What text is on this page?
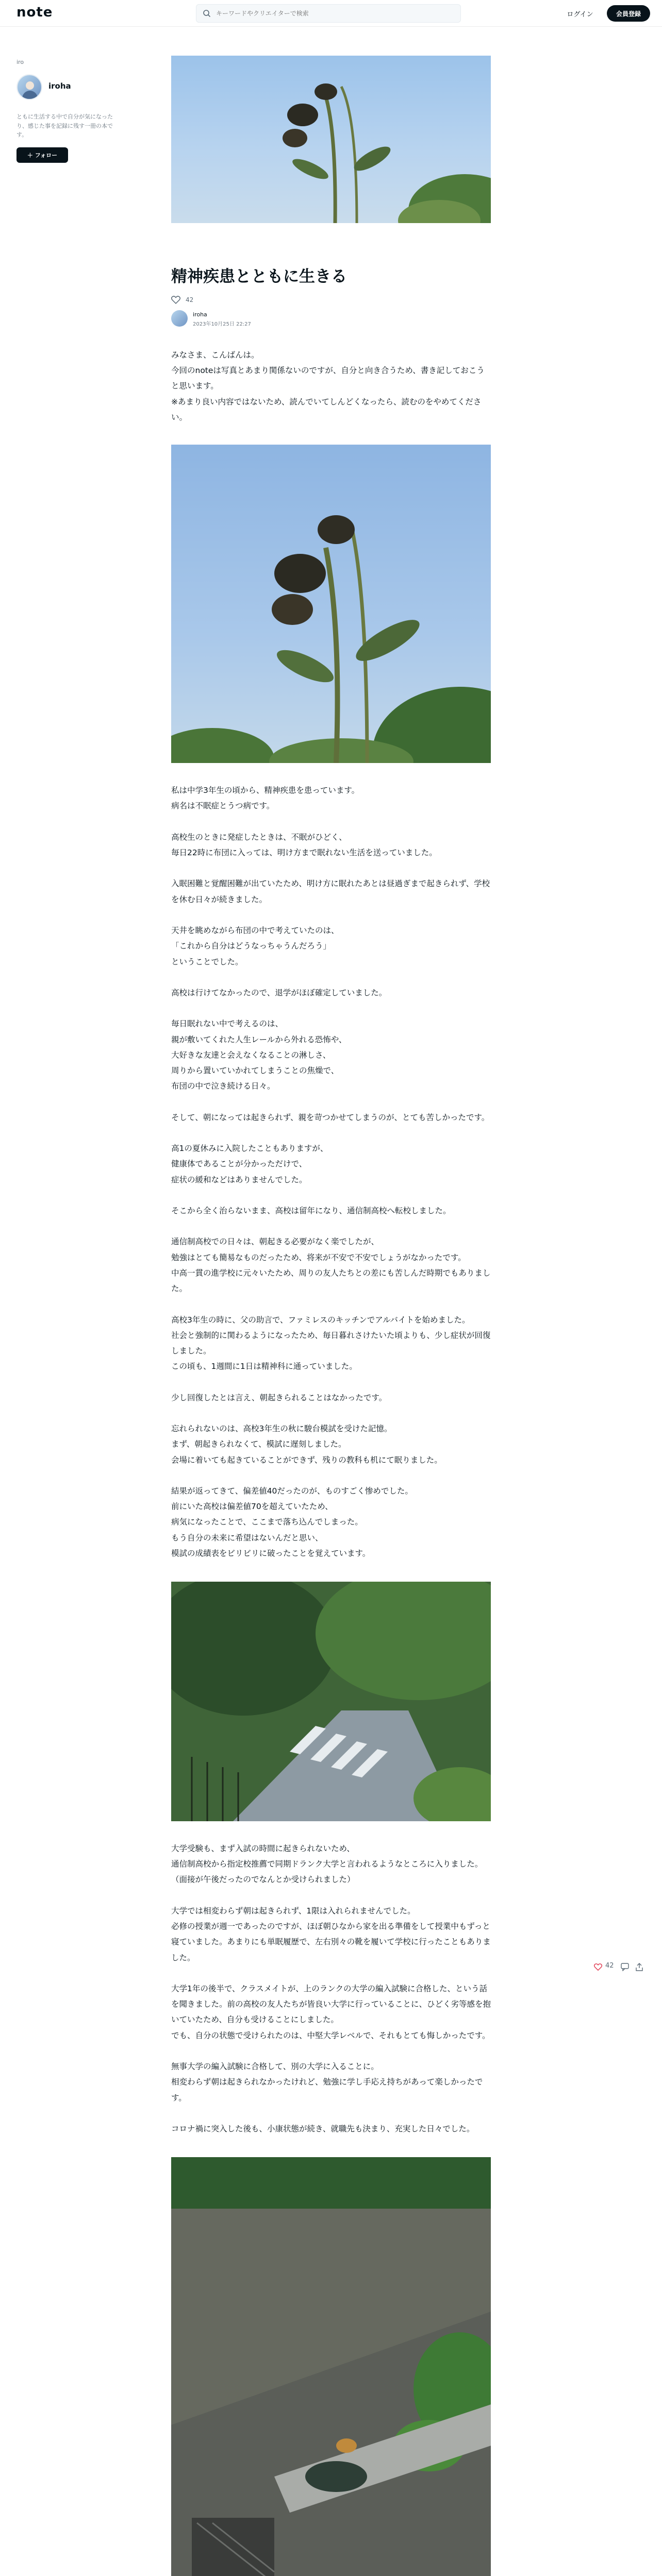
note
キーワードやクリエイターで検索	ログイン	会員登録
iro
iroha
ともに生活する中で自分が気になったり、感じた事を記録に残す一冊の本です。
＋ フォロー
精神疾患とともに生きる
42
iroha
2023年10月25日 22:27

みなさま、こんばんは。
今回のnoteは写真とあまり関係ないのですが、自分と向き合うため、書き記しておこうと思います。
※あまり良い内容ではないため、読んでいてしんどくなったら、読むのをやめてください。

私は中学3年生の頃から、精神疾患を患っています。
病名は不眠症とうつ病です。

高校生のときに発症したときは、不眠がひどく、
毎日22時に布団に入っては、明け方まで眠れない生活を送っていました。

入眠困難と覚醒困難が出ていたため、明け方に眠れたあとは昼過ぎまで起きられず、学校を休む日々が続きました。

天井を眺めながら布団の中で考えていたのは、
「これから自分はどうなっちゃうんだろう」
ということでした。

高校は行けてなかったので、退学がほぼ確定していました。

毎日眠れない中で考えるのは、
親が敷いてくれた人生レールから外れる恐怖や、
大好きな友達と会えなくなることの淋しさ、
周りから置いていかれてしまうことの焦燥で、
布団の中で泣き続ける日々。

そして、朝になっては起きられず、親を苛つかせてしまうのが、とても苦しかったです。

高1の夏休みに入院したこともありますが、
健康体であることが分かっただけで、
症状の緩和などはありませんでした。

そこから全く治らないまま、高校は留年になり、通信制高校へ転校しました。

通信制高校での日々は、朝起きる必要がなく楽でしたが、
勉強はとても簡易なものだったため、将来が不安で不安でしょうがなかったです。
中高一貫の進学校に元々いたため、周りの友人たちとの差にも苦しんだ時期でもありました。

高校3年生の時に、父の助言で、ファミレスのキッチンでアルバイトを始めました。
社会と強制的に関わるようになったため、毎日暮れさけたいた頃よりも、少し症状が回復しました。
この頃も、1週間に1日は精神科に通っていました。

少し回復したとは言え、朝起きられることはなかったです。

忘れられないのは、高校3年生の秋に駿台模試を受けた記憶。
まず、朝起きられなくて、模試に遅刻しました。
会場に着いても起きていることができず、残りの教科も机にて眠りました。

結果が返ってきて、偏差値40だったのが、ものすごく惨めでした。
前にいた高校は偏差値70を超えていたため、
病気になったことで、ここまで落ち込んでしまった。
もう自分の未来に希望はないんだと思い、
模試の成績表をビリビリに破ったことを覚えています。

大学受験も、まず入試の時間に起きられないため、
通信制高校から指定校推薦で同期ドランク大学と言われるようなところに入りました。
（面接が午後だったのでなんとか受けられました）

大学では相変わらず朝は起きられず、1限は入れられませんでした。
必修の授業が週一であったのですが、ほぼ朝ひなから家を出る準備をして授業中もずっと寝ていました。あまりにも単眠履歴で、左右別々の靴を履いて学校に行ったこともありました。

大学1年の後半で、クラスメイトが、上のランクの大学の編入試験に合格した、という話を聞きました。前の高校の友人たちが皆良い大学に行っていることに、ひどく劣等感を抱いていたため、自分も受けることにしました。
でも、自分の状態で受けられたのは、中堅大学レベルで、それもとても悔しかったです。

無事大学の編入試験に合格して、別の大学に入ることに。
相変わらず朝は起きられなかったけれど、勉強に学し手応え持ちがあって楽しかったです。

コロナ禍に突入した後も、小康状態が続き、就職先も決まり、充実した日々でした。

42
